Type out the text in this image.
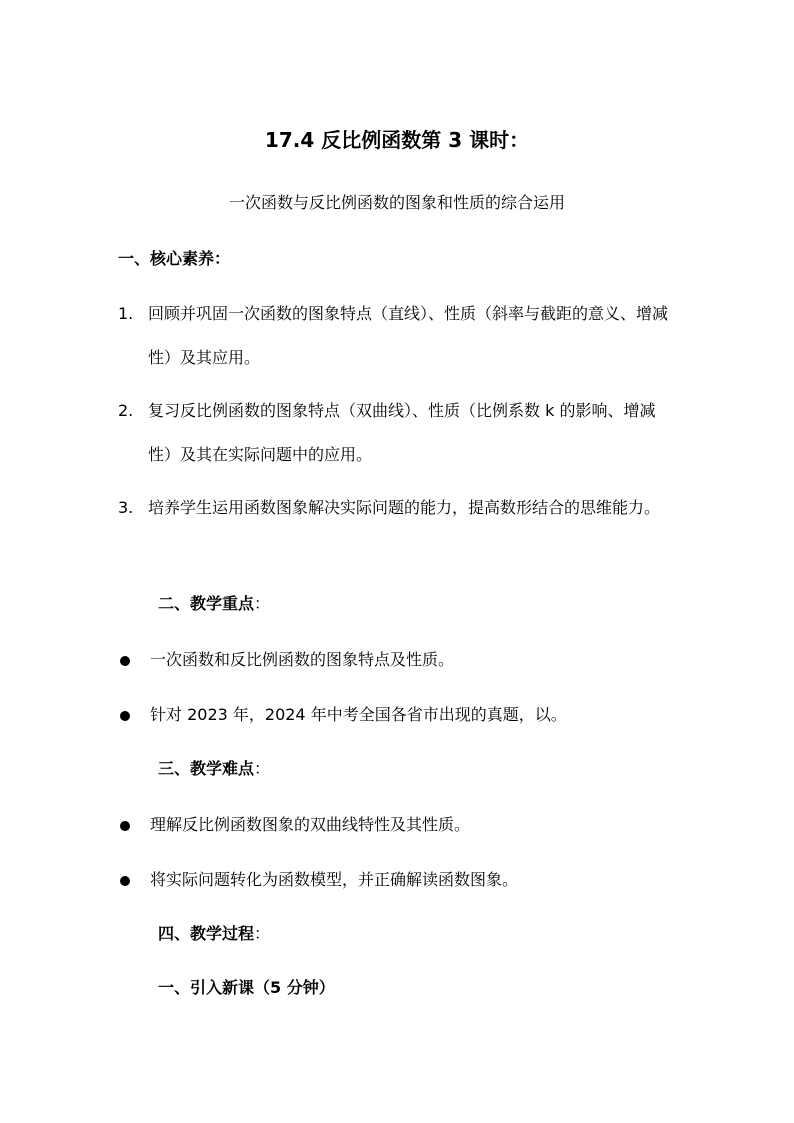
17.4 反比例函数第 3 课时：
一次函数与反比例函数的图象和性质的综合运用
一、核心素养：
1. 回顾并巩固一次函数的图象特点（直线）、性质（斜率与截距的意义、增减性）及其应用。
2. 复习反比例函数的图象特点（双曲线）、性质（比例系数 k 的影响、增减性）及其在实际问题中的应用。
3. 培养学生运用函数图象解决实际问题的能力，提高数形结合的思维能力。
二、教学重点：
一次函数和反比例函数的图象特点及性质。
针对 2023 年，2024 年中考全国各省市出现的真题，以。
三、教学难点：
理解反比例函数图象的双曲线特性及其性质。
将实际问题转化为函数模型，并正确解读函数图象。
四、教学过程：
一、引入新课（5 分钟）
